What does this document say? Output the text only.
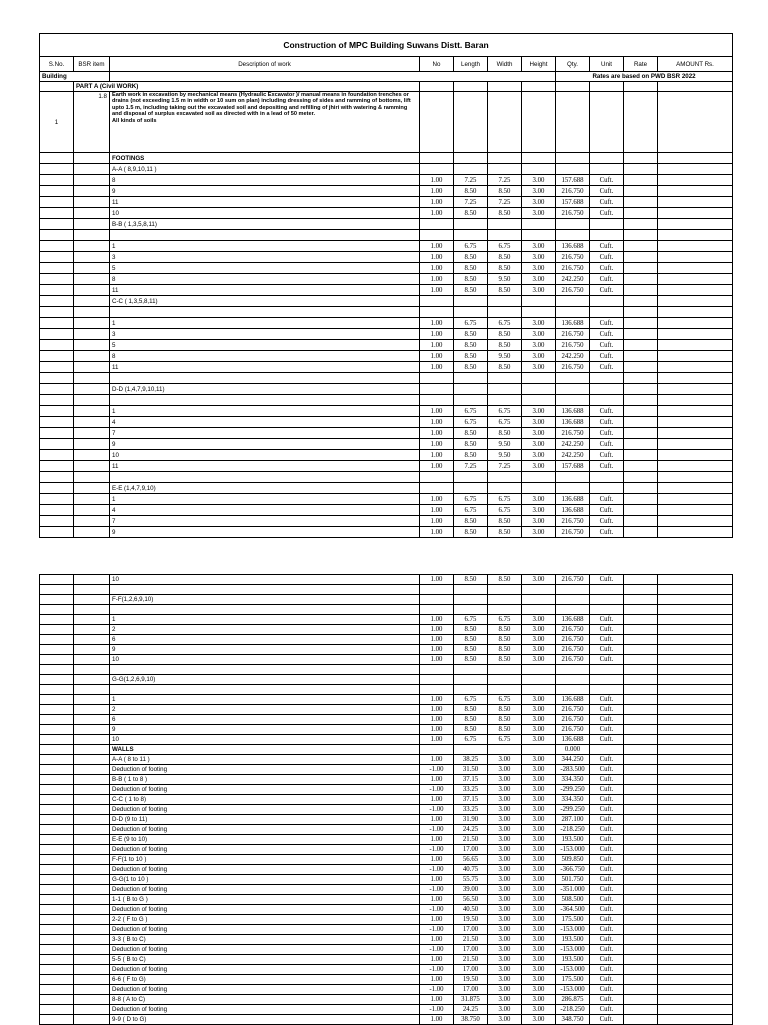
Construction of MPC Building Suwans Distt. Baran										
S.No.	BSR item	Description of work	No	Length	Width	Height	Qty.	Unit	Rate	AMOUNT Rs.
Building							Rates are based on PWD BSR 2022			
	PART A (Civil WORK)									
1	1.8	Earth work in excavation by mechanical means (Hydraulic Excavator )/ manual means in foundation trenches or drains (not exceeding 1.5 m in width or 10 sum on plan) including dressing of sides and ramming of bottoms, lift upto 1.5 m, including taking out the excavated soil and depositing and refilling of jhiri with watering & ramming and disposal of surplus excavated soil as directed with in a lead of 50 meter.
All kinds of soils								

		FOOTINGS								
		A-A ( 8,9,10,11 )								
		8	1.00	7.25	7.25	3.00	157.688	Cuft.		
		9	1.00	8.50	8.50	3.00	216.750	Cuft.		
		11	1.00	7.25	7.25	3.00	157.688	Cuft.		
		10	1.00	8.50	8.50	3.00	216.750	Cuft.		
		B-B ( 1,3,5,8,11)								

		1	1.00	6.75	6.75	3.00	136.688	Cuft.		
		3	1.00	8.50	8.50	3.00	216.750	Cuft.		
		5	1.00	8.50	8.50	3.00	216.750	Cuft.		
		8	1.00	8.50	9.50	3.00	242.250	Cuft.		
		11	1.00	8.50	8.50	3.00	216.750	Cuft.		
		C-C ( 1,3,5,8,11)								

		1	1.00	6.75	6.75	3.00	136.688	Cuft.		
		3	1.00	8.50	8.50	3.00	216.750	Cuft.		
		5	1.00	8.50	8.50	3.00	216.750	Cuft.		
		8	1.00	8.50	9.50	3.00	242.250	Cuft.		
		11	1.00	8.50	8.50	3.00	216.750	Cuft.		

		D-D (1,4,7,9,10,11)								

		1	1.00	6.75	6.75	3.00	136.688	Cuft.		
		4	1.00	6.75	6.75	3.00	136.688	Cuft.		
		7	1.00	8.50	8.50	3.00	216.750	Cuft.		
		9	1.00	8.50	9.50	3.00	242.250	Cuft.		
		10	1.00	8.50	9.50	3.00	242.250	Cuft.		
		11	1.00	7.25	7.25	3.00	157.688	Cuft.		

		E-E (1,4,7,9,10)								
		1	1.00	6.75	6.75	3.00	136.688	Cuft.		
		4	1.00	6.75	6.75	3.00	136.688	Cuft.		
		7	1.00	8.50	8.50	3.00	216.750	Cuft.		
		9	1.00	8.50	8.50	3.00	216.750	Cuft.		
		10	1.00	8.50	8.50	3.00	216.750	Cuft.		

		F-F(1,2,6,9,10)								

		1	1.00	6.75	6.75	3.00	136.688	Cuft.		
		2	1.00	8.50	8.50	3.00	216.750	Cuft.		
		6	1.00	8.50	8.50	3.00	216.750	Cuft.		
		9	1.00	8.50	8.50	3.00	216.750	Cuft.		
		10	1.00	8.50	8.50	3.00	216.750	Cuft.		

		G-G(1,2,6,9,10)								

		1	1.00	6.75	6.75	3.00	136.688	Cuft.		
		2	1.00	8.50	8.50	3.00	216.750	Cuft.		
		6	1.00	8.50	8.50	3.00	216.750	Cuft.		
		9	1.00	8.50	8.50	3.00	216.750	Cuft.		
		10	1.00	6.75	6.75	3.00	136.688	Cuft.		
		WALLS					0.000			
		A-A ( 8 to 11 )	1.00	38.25	3.00	3.00	344.250	Cuft.		
		Deduction of footing	-1.00	31.50	3.00	3.00	-283.500	Cuft.		
		B-B ( 1 to 8 )	1.00	37.15	3.00	3.00	334.350	Cuft.		
		Deduction of footing	-1.00	33.25	3.00	3.00	-299.250	Cuft.		
		C-C ( 1 to 8)	1.00	37.15	3.00	3.00	334.350	Cuft.		
		Deduction of footing	-1.00	33.25	3.00	3.00	-299.250	Cuft.		
		D-D (9 to 11)	1.00	31.90	3.00	3.00	287.100	Cuft.		
		Deduction of footing	-1.00	24.25	3.00	3.00	-218.250	Cuft.		
		E-E (9 to 10)	1.00	21.50	3.00	3.00	193.500	Cuft.		
		Deduction of footing	-1.00	17.00	3.00	3.00	-153.000	Cuft.		
		F-F(1 to 10 )	1.00	56.65	3.00	3.00	509.850	Cuft.		
		Deduction of footing	-1.00	40.75	3.00	3.00	-366.750	Cuft.		
		G-G(1 to 10 )	1.00	55.75	3.00	3.00	501.750	Cuft.		
		Deduction of footing	-1.00	39.00	3.00	3.00	-351.000	Cuft.		
		1-1 ( B to G )	1.00	56.50	3.00	3.00	508.500	Cuft.		
		Deduction of footing	-1.00	40.50	3.00	3.00	-364.500	Cuft.		
		2-2 ( F to G )	1.00	19.50	3.00	3.00	175.500	Cuft.		
		Deduction of footing	-1.00	17.00	3.00	3.00	-153.000	Cuft.		
		3-3 ( B to C)	1.00	21.50	3.00	3.00	193.500	Cuft.		
		Deduction of footing	-1.00	17.00	3.00	3.00	-153.000	Cuft.		
		5-5 ( B to C)	1.00	21.50	3.00	3.00	193.500	Cuft.		
		Deduction of footing	-1.00	17.00	3.00	3.00	-153.000	Cuft.		
		6-6 ( F to G)	1.00	19.50	3.00	3.00	175.500	Cuft.		
		Deduction of footing	-1.00	17.00	3.00	3.00	-153.000	Cuft.		
		8-8 ( A to C)	1.00	31.875	3.00	3.00	286.875	Cuft.		
		Deduction of footing	-1.00	24.25	3.00	3.00	-218.250	Cuft.		
		9-9 ( D to G)	1.00	38.750	3.00	3.00	348.750	Cuft.		
